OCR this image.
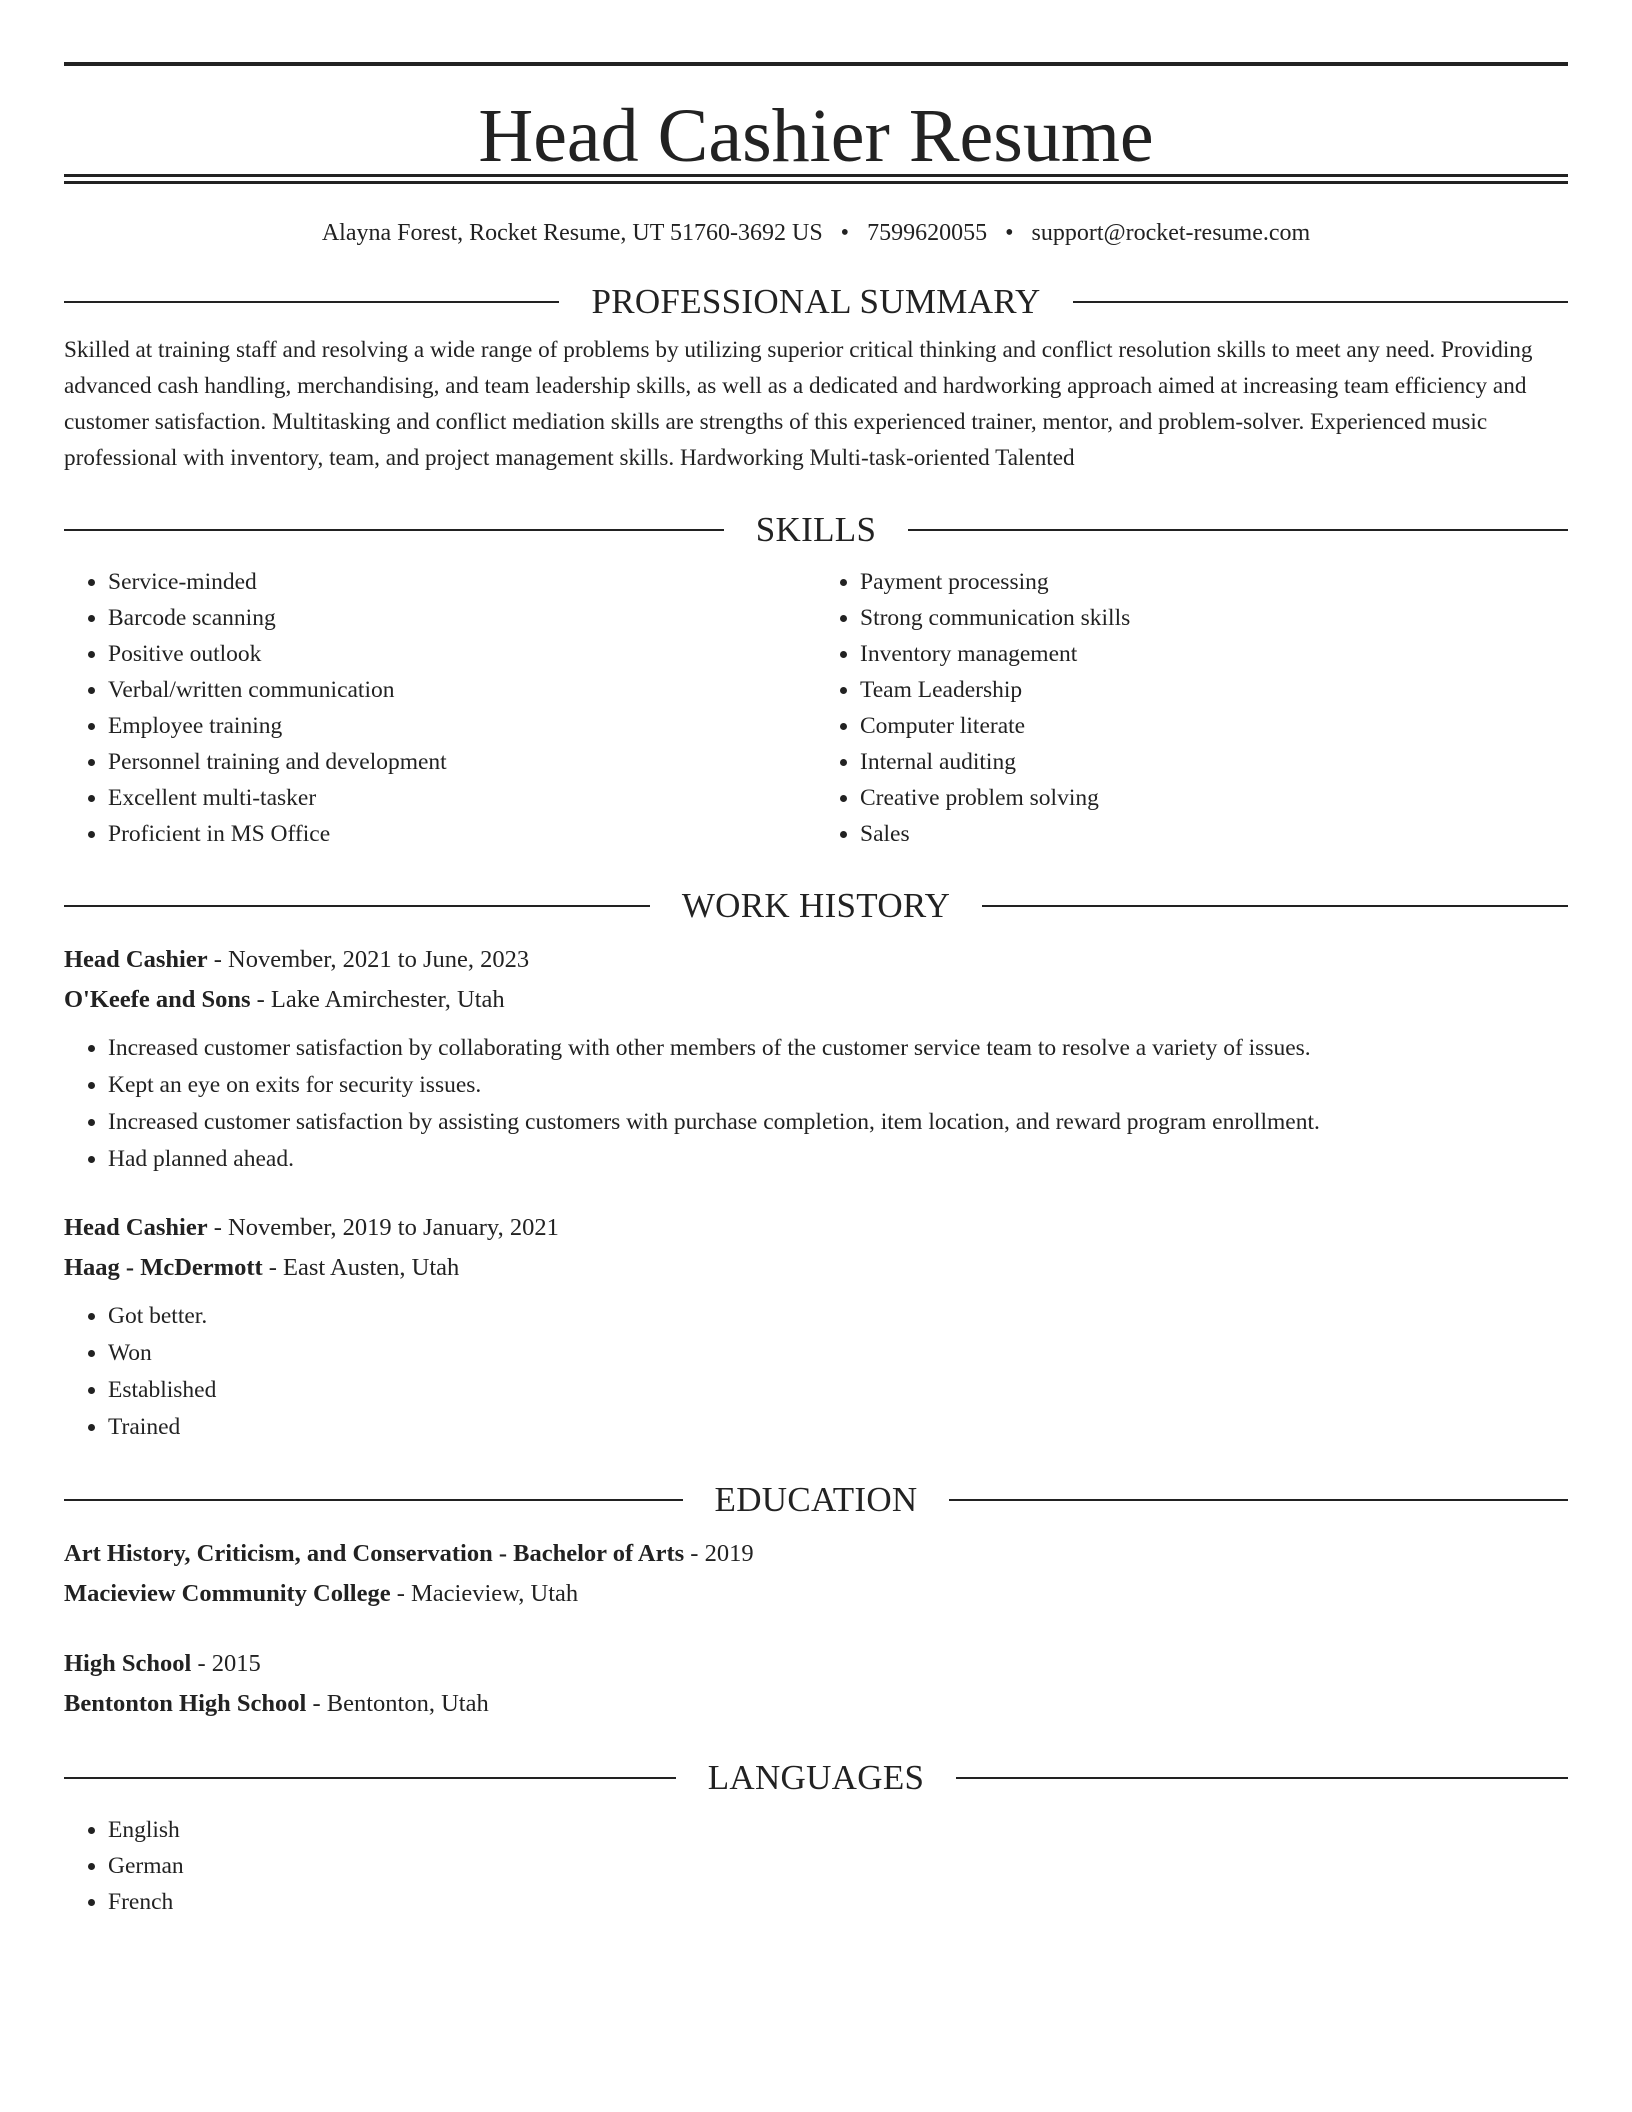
Head Cashier Resume
Alayna Forest, Rocket Resume, UT 51760-3692 US • 7599620055 • support@rocket-resume.com
PROFESSIONAL SUMMARY
Skilled at training staff and resolving a wide range of problems by utilizing superior critical thinking and conflict resolution skills to meet any need. Providing advanced cash handling, merchandising, and team leadership skills, as well as a dedicated and hardworking approach aimed at increasing team efficiency and customer satisfaction. Multitasking and conflict mediation skills are strengths of this experienced trainer, mentor, and problem-solver. Experienced music professional with inventory, team, and project management skills. Hardworking Multi-task-oriented Talented
SKILLS
• Service-minded
• Barcode scanning
• Positive outlook
• Verbal/written communication
• Employee training
• Personnel training and development
• Excellent multi-tasker
• Proficient in MS Office
• Payment processing
• Strong communication skills
• Inventory management
• Team Leadership
• Computer literate
• Internal auditing
• Creative problem solving
• Sales
WORK HISTORY
Head Cashier - November, 2021 to June, 2023
O'Keefe and Sons - Lake Amirchester, Utah
• Increased customer satisfaction by collaborating with other members of the customer service team to resolve a variety of issues.
• Kept an eye on exits for security issues.
• Increased customer satisfaction by assisting customers with purchase completion, item location, and reward program enrollment.
• Had planned ahead.
Head Cashier - November, 2019 to January, 2021
Haag - McDermott - East Austen, Utah
• Got better.
• Won
• Established
• Trained
EDUCATION
Art History, Criticism, and Conservation - Bachelor of Arts - 2019
Macieview Community College - Macieview, Utah
High School - 2015
Bentonton High School - Bentonton, Utah
LANGUAGES
• English
• German
• French
